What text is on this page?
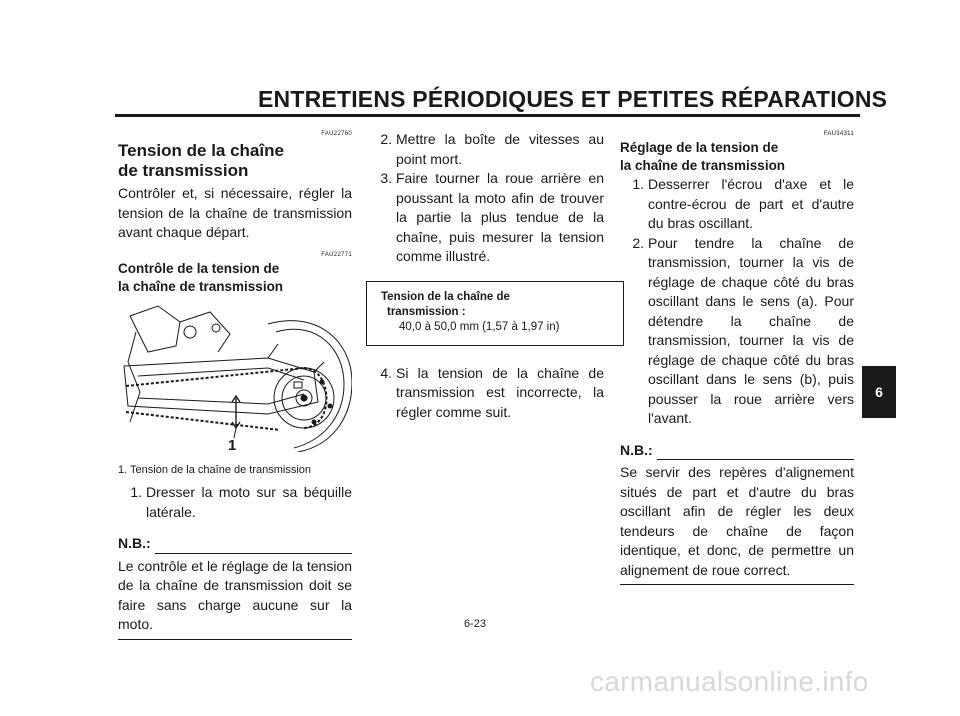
ENTRETIENS PÉRIODIQUES ET PETITES RÉPARATIONS
6
FAU22760
Tension de la chaîne
de transmission

Contrôler et, si nécessaire, régler la tension de la chaîne de transmission avant chaque départ.

FAU22771
Contrôle de la tension de
la chaîne de transmission
1
1. Tension de la chaîne de transmission
1. Dresser la moto sur sa béquille latérale.
N.B.:

Le contrôle et le réglage de la tension de la chaîne de transmission doit se faire sans charge aucune sur la moto.

2. Mettre la boîte de vitesses au point mort.
3. Faire tourner la roue arrière en poussant la moto afin de trouver la partie la plus tendue de la chaîne, puis mesurer la tension comme illustré.
Tension de la chaîne de
transmission :
40,0 à 50,0 mm (1,57 à 1,97 in)
4. Si la tension de la chaîne de transmission est incorrecte, la régler comme suit.
FAU34311
Réglage de la tension de
la chaîne de transmission
1. Desserrer l'écrou d'axe et le contre-écrou de part et d'autre du bras oscillant.
2. Pour tendre la chaîne de transmission, tourner la vis de réglage de chaque côté du bras oscillant dans le sens (a). Pour détendre la chaîne de transmission, tourner la vis de réglage de chaque côté du bras oscillant dans le sens (b), puis pousser la roue arrière vers l'avant.
N.B.:

Se servir des repères d'alignement situés de part et d'autre du bras oscillant afin de régler les deux tendeurs de chaîne de façon identique, et donc, de permettre un alignement de roue correct.

6-23
carmanualsonline.info
